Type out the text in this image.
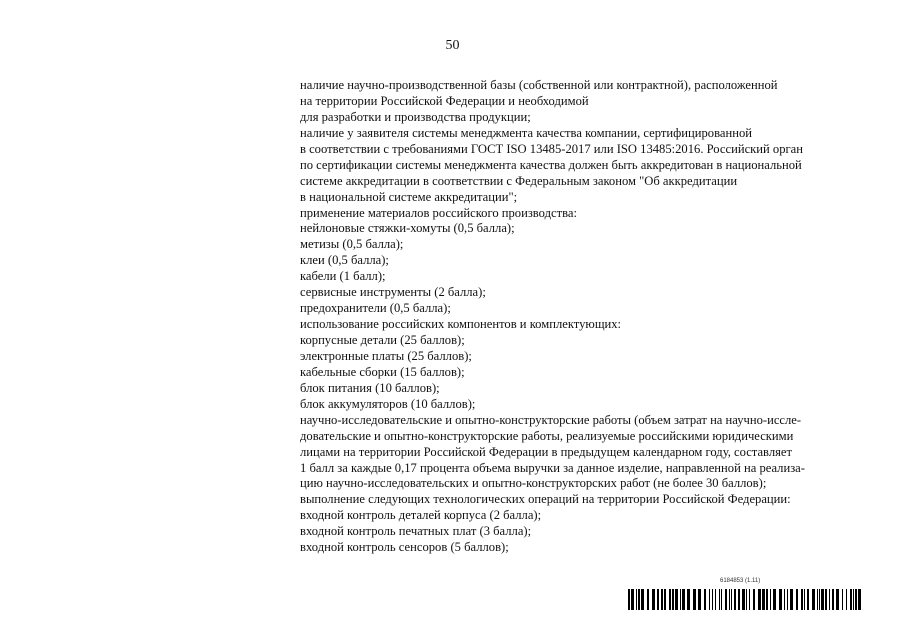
50
наличие научно-производственной базы (собственной или контрактной), расположенной
на территории Российской Федерации и необходимой
для разработки и производства продукции;
наличие у заявителя системы менеджмента качества компании, сертифицированной
в соответствии с требованиями ГОСТ ISO 13485-2017 или ISO 13485:2016. Российский орган
по сертификации системы менеджмента качества должен быть аккредитован в национальной
системе аккредитации в соответствии с Федеральным законом "Об аккредитации
в национальной системе аккредитации";
применение материалов российского производства:
нейлоновые стяжки-хомуты (0,5 балла);
метизы (0,5 балла);
клеи (0,5 балла);
кабели (1 балл);
сервисные инструменты (2 балла);
предохранители (0,5 балла);
использование российских компонентов и комплектующих:
корпусные детали (25 баллов);
электронные платы (25 баллов);
кабельные сборки (15 баллов);
блок питания (10 баллов);
блок аккумуляторов (10 баллов);
научно-исследовательские и опытно-конструкторские работы (объем затрат на научно-иссле-
довательские и опытно-конструкторские работы, реализуемые российскими юридическими
лицами на территории Российской Федерации в предыдущем календарном году, составляет
1 балл за каждые 0,17 процента объема выручки за данное изделие, направленной на реализа-
цию научно-исследовательских и опытно-конструкторских работ (не более 30 баллов);
выполнение следующих технологических операций на территории Российской Федерации:
входной контроль деталей корпуса (2 балла);
входной контроль печатных плат (3 балла);
входной контроль сенсоров (5 баллов);
6184853 (1.11)
